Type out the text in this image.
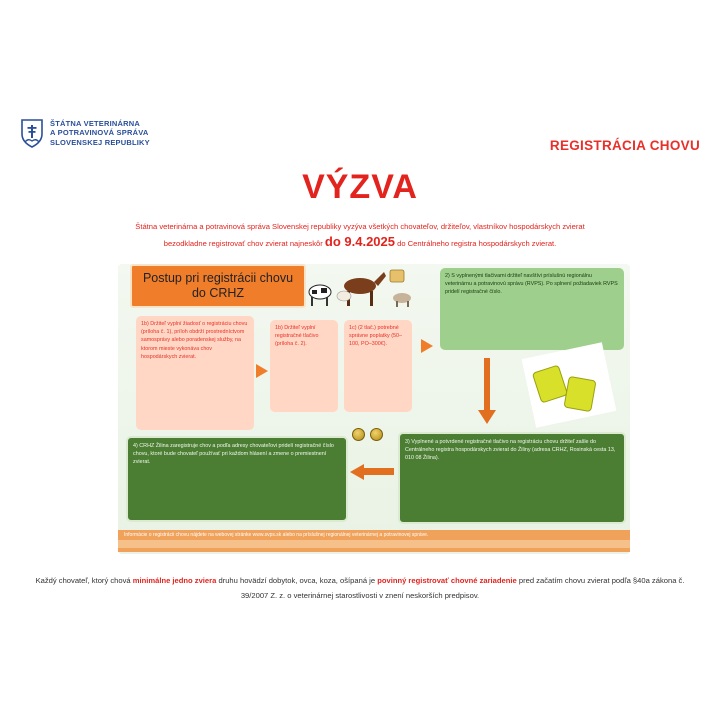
ŠTÁTNA VETERINÁRNA
A POTRAVINOVÁ SPRÁVA
SLOVENSKEJ REPUBLIKY	REGISTRÁCIA CHOVU
VÝZVA

Štátna veterinárna a potravinová správa Slovenskej republiky vyzýva všetkých chovateľov, držiteľov, vlastníkov hospodárskych zvierat
bezodkladne registrovať chov zvierat najneskôr do 9.4.2025 do Centrálneho registra hospodárskych zvierat.

Informácie o registrácii chovu nájdete na webovej stránke www.svps.sk alebo na príslušnej regionálnej veterinárnej a potravinovej správe.
Postup pri registrácii chovu do CRHZ
1b) Držiteľ vyplní žiadosť o registráciu chovu (príloha č. 1), príloh obdrží prostredníctvom samosprávy alebo poradenskej služby, na ktorom mieste vykonáva chov hospodárskych zvierat.
1b) Držiteľ vyplní registračné tlačivo (príloha č. 2).
1c) (2 tlač.) potrebné správne poplatky (50–100, PO–300€).
2) S vyplnenými tlačivami držiteľ navštívi príslušnú regionálnu veterinárnu a potravinovú správu (RVPS). Po splnení požiadaviek RVPS pridelí registračné číslo.
3) Vyplnené a potvrdené registračné tlačivo na registráciu chovu držiteľ zašle do Centrálneho registra hospodárskych zvierat do Žiliny (adresa CRHZ, Rosinská cesta 13, 010 08 Žilina).
4) CRHZ Žilina zaregistruje chov a podľa adresy chovateľovi pridelí registračné číslo chovu, ktoré bude chovateľ používať pri každom hlásení a zmene o premiestnení zvierat.

Každý chovateľ, ktorý chová minimálne jedno zviera druhu hovädzí dobytok, ovca, koza, ošípaná je povinný registrovať chovné zariadenie pred začatím chovu zvierat podľa §40a zákona č. 39/2007 Z. z. o veterinárnej starostlivosti v znení neskorších predpisov.
